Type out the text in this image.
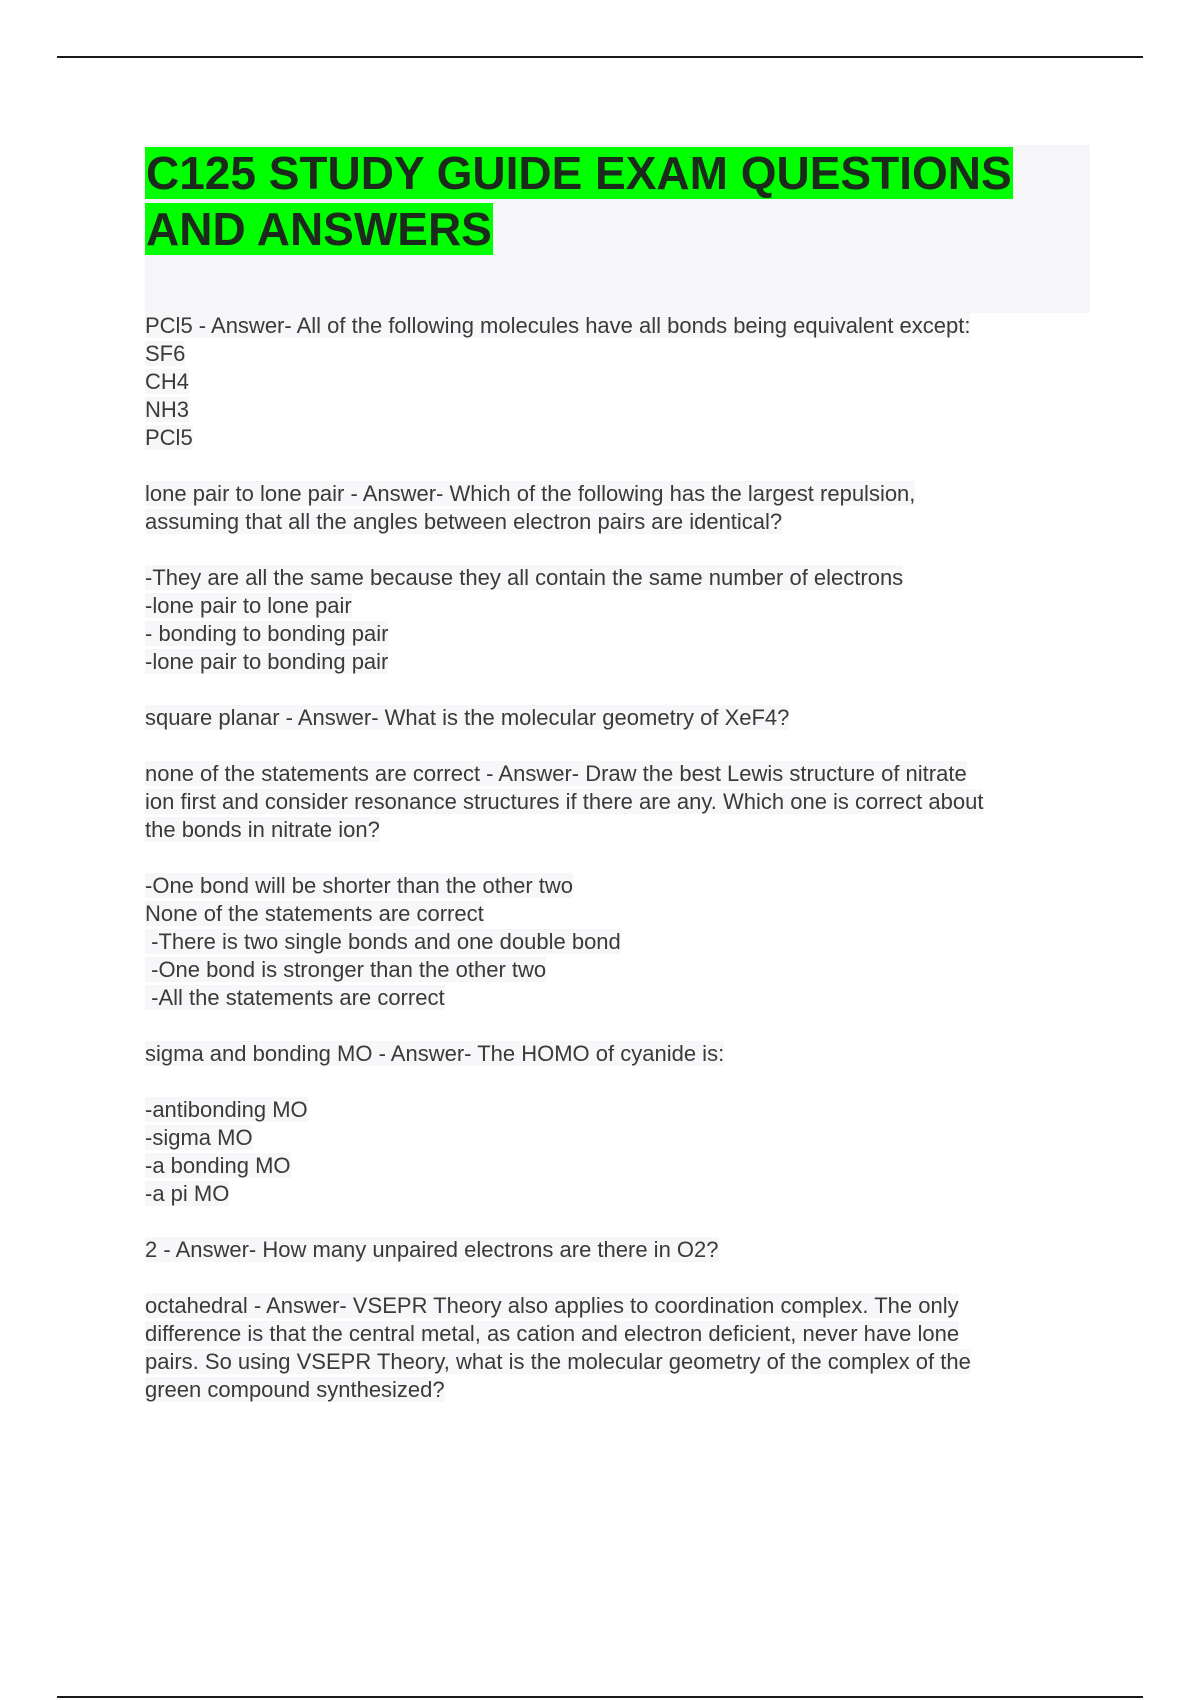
C125 STUDY GUIDE EXAM QUESTIONS
AND ANSWERS
PCl5 - Answer- All of the following molecules have all bonds being equivalent except:
SF6
CH4
NH3
PCl5
lone pair to lone pair - Answer- Which of the following has the largest repulsion,
assuming that all the angles between electron pairs are identical?
-They are all the same because they all contain the same number of electrons
-lone pair to lone pair
- bonding to bonding pair
-lone pair to bonding pair
square planar - Answer- What is the molecular geometry of XeF4?
none of the statements are correct - Answer- Draw the best Lewis structure of nitrate
ion first and consider resonance structures if there are any. Which one is correct about
the bonds in nitrate ion?
-One bond will be shorter than the other two
None of the statements are correct
-There is two single bonds and one double bond
-One bond is stronger than the other two
-All the statements are correct
sigma and bonding MO - Answer- The HOMO of cyanide is:
-antibonding MO
-sigma MO
-a bonding MO
-a pi MO
2 - Answer- How many unpaired electrons are there in O2?
octahedral - Answer- VSEPR Theory also applies to coordination complex. The only
difference is that the central metal, as cation and electron deficient, never have lone
pairs. So using VSEPR Theory, what is the molecular geometry of the complex of the
green compound synthesized?
